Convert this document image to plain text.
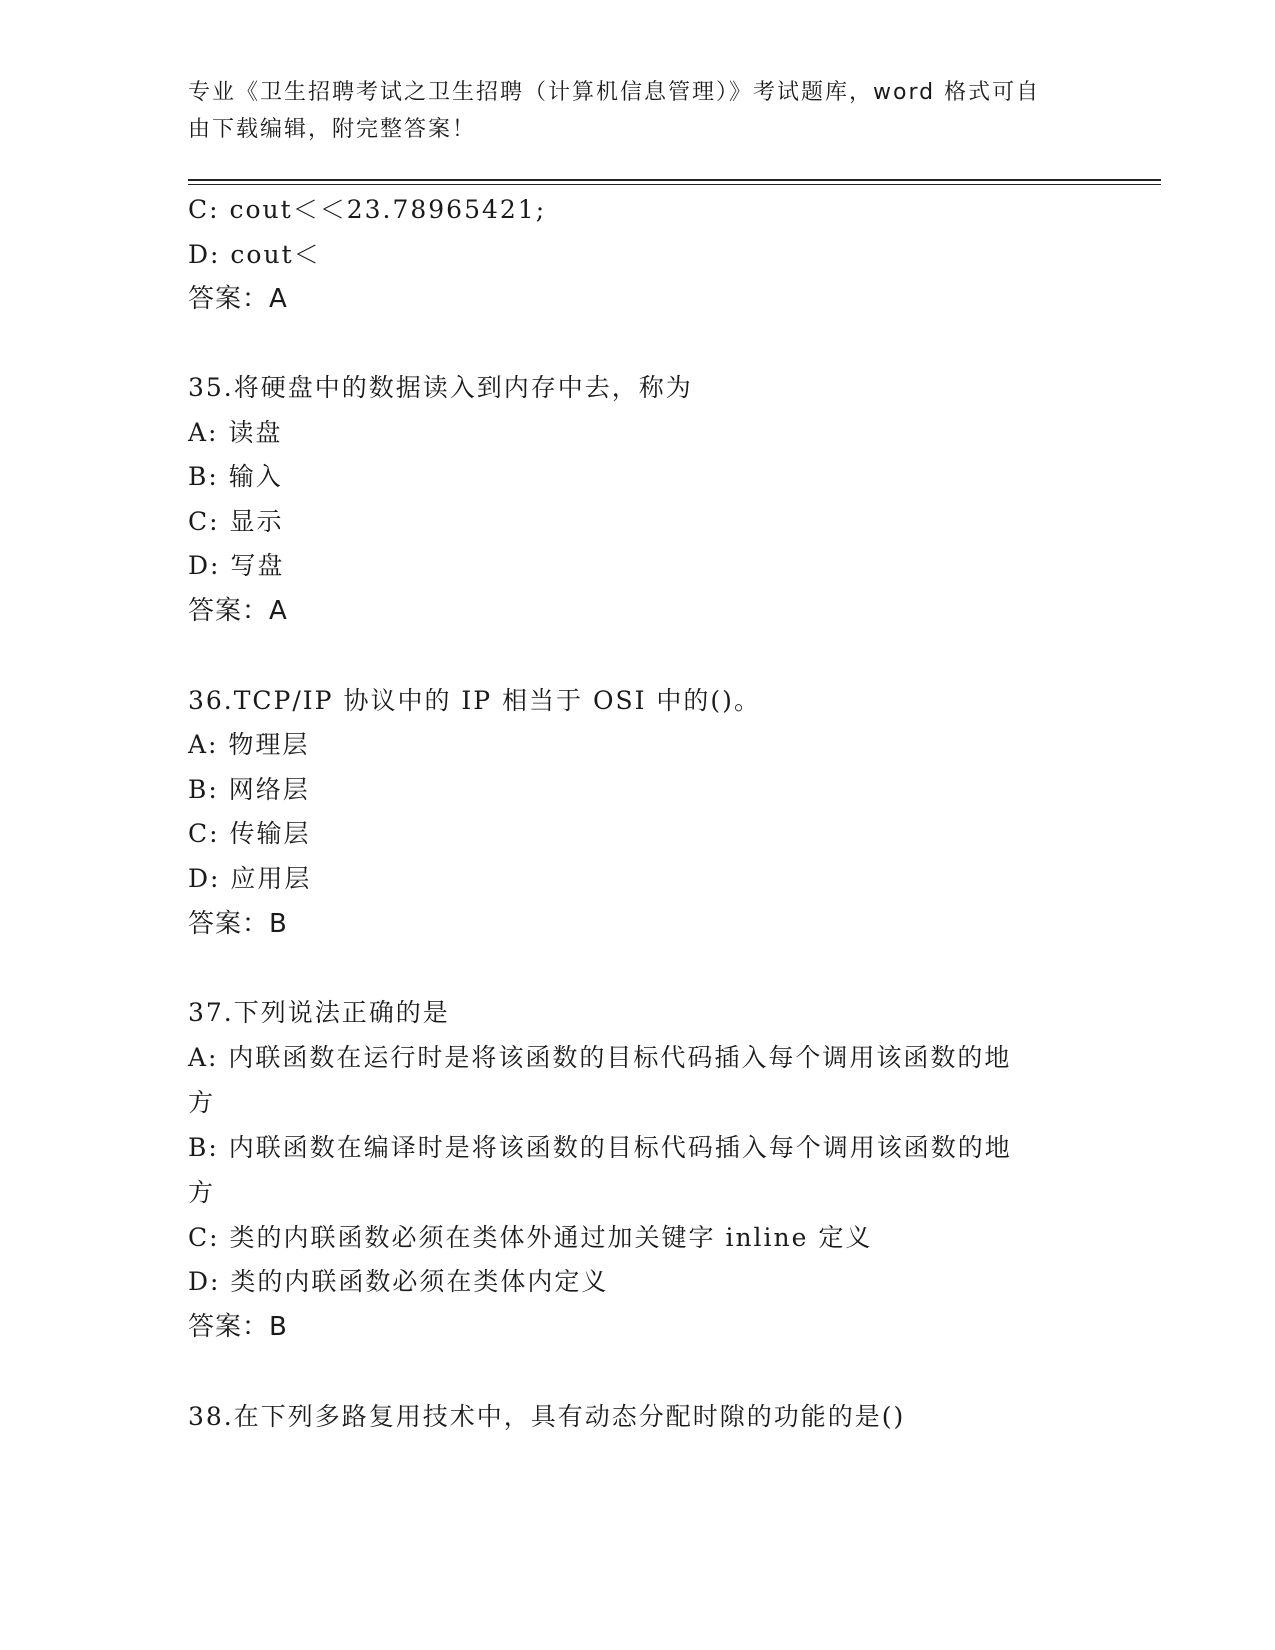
专业《卫生招聘考试之卫生招聘（计算机信息管理）》考试题库，word 格式可自
由下载编辑，附完整答案！
C: cout＜＜23.78965421;
D: cout＜
答案：A
35.将硬盘中的数据读入到内存中去，称为
A: 读盘
B: 输入
C: 显示
D: 写盘
答案：A
36.TCP/IP 协议中的 IP 相当于 OSI 中的()。
A: 物理层
B: 网络层
C: 传输层
D: 应用层
答案：B
37.下列说法正确的是
A: 内联函数在运行时是将该函数的目标代码插入每个调用该函数的地
方
B: 内联函数在编译时是将该函数的目标代码插入每个调用该函数的地
方
C: 类的内联函数必须在类体外通过加关键字 inline 定义
D: 类的内联函数必须在类体内定义
答案：B
38.在下列多路复用技术中，具有动态分配时隙的功能的是()
